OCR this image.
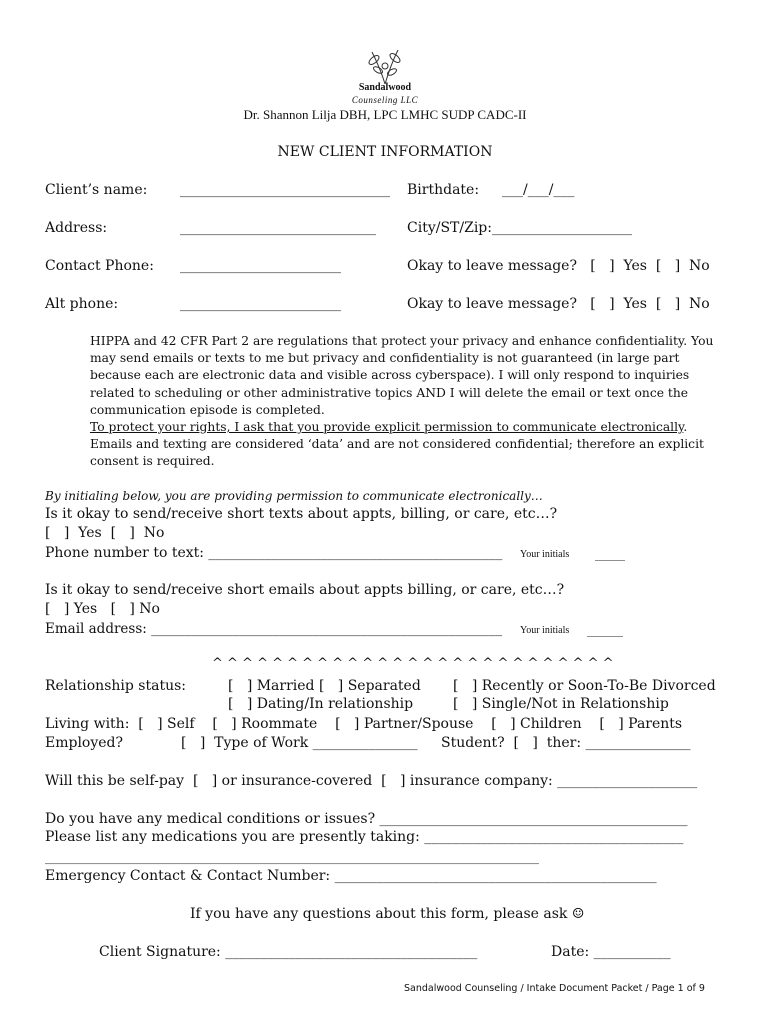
Sandalwood
Counseling LLC
Dr. Shannon Lilja DBH, LPC LMHC SUDP CADC-II
NEW CLIENT INFORMATION
Client’s name: ______________________________ Birthdate: ___/___/___
Address:	____________________________ City/ST/Zip:____________________
Contact Phone: _______________________	Okay to leave message?   [   ]  Yes  [   ]  No
Alt phone:	_______________________	Okay to leave message?   [   ]  Yes  [   ]  No

HIPPA and 42 CFR Part 2 are regulations that protect your privacy and enhance confidentiality. You may send emails or texts to me but privacy and confidentiality is not guaranteed (in large part because each are electronic data and visible across cyberspace). I will only respond to inquiries related to scheduling or other administrative topics AND I will delete the email or text once the communication episode is completed.

To protect your rights, I ask that you provide explicit permission to communicate electronically. Emails and texting are considered ‘data’ and are not considered confidential; therefore an explicit consent is required.

By initialing below, you are providing permission to communicate electronically…
Is it okay to send/receive short texts about appts, billing, or care, etc…?
[   ]  Yes  [   ]  No
Phone number to text: __________________________________________ Your initials _____
Is it okay to send/receive short emails about appts billing, or care, etc…?
[   ] Yes   [   ] No
Email address: ____________________________________________________ Your initials ______
^ ^ ^ ^ ^ ^ ^ ^ ^ ^ ^ ^ ^ ^ ^ ^ ^ ^ ^ ^ ^ ^ ^ ^ ^ ^ ^
Relationship status:	[   ] Married [   ] Separated [   ] Recently or Soon-To-Be Divorced
[   ] Dating/In relationship	[   ] Single/Not in Relationship
Living with:  [   ] Self    [   ] Roommate    [   ] Partner/Spouse    [   ] Children    [   ] Parents
Employed?	[   ]  Type of Work _______________ Student?  [   ]  ther: _______________
Will this be self-pay  [   ] or insurance-covered  [   ] insurance company: ____________________
Do you have any medical conditions or issues? ____________________________________________
Please list any medications you are presently taking: _____________________________________
____________________________________________________________________________
Emergency Contact & Contact Number: ______________________________________________
If you have any questions about this form, please ask ☺
Client Signature: ____________________________________	Date: ___________
Sandalwood Counseling / Intake Document Packet / Page 1 of 9
